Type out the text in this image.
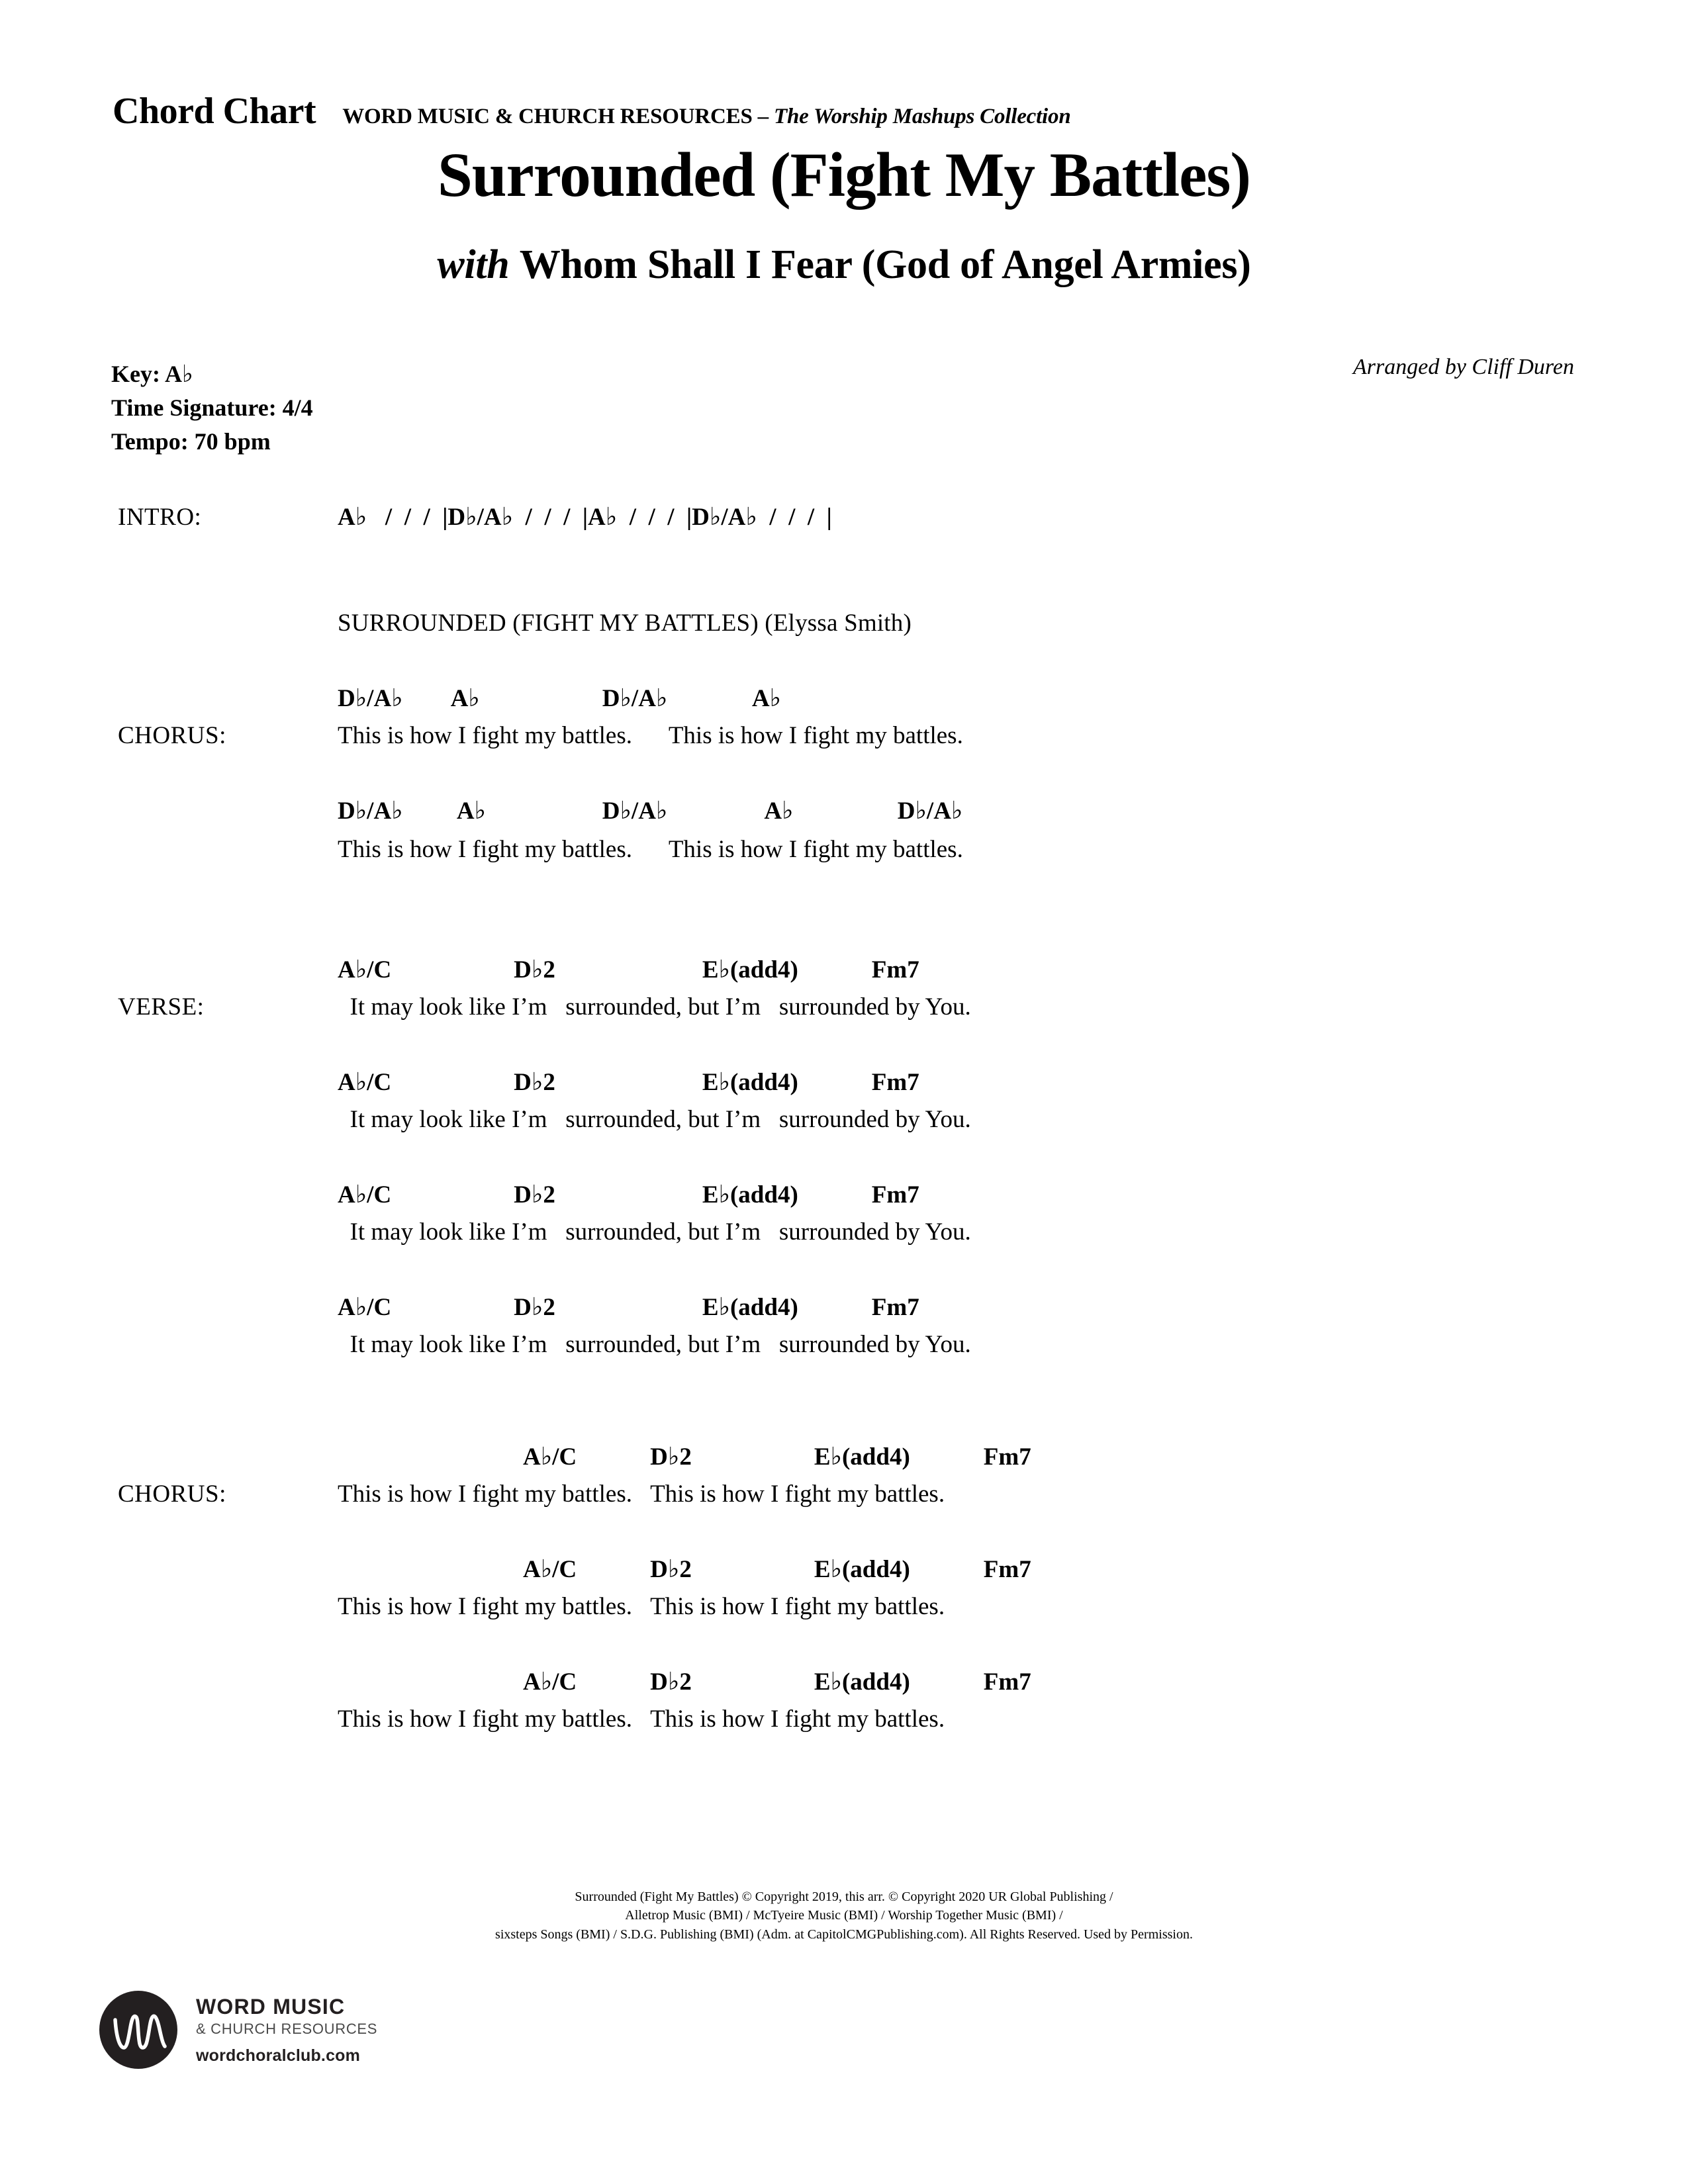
Chord Chart WORD MUSIC & CHURCH RESOURCES – The Worship Mashups Collection
Surrounded (Fight My Battles)
with Whom Shall I Fear (God of Angel Armies)
Key: A♭
Time Signature: 4/4
Tempo: 70 bpm
Arranged by Cliff Duren
INTRO:	A♭   /  /  /  |D♭/A♭  /  /  /  |A♭  /  /  /  |D♭/A♭  /  /  /  |
SURROUNDED (FIGHT MY BATTLES) (Elyssa Smith)
CHORUS:
D♭/A♭        A♭                    D♭/A♭              A♭
This is how I fight my battles.      This is how I fight my battles.
D♭/A♭         A♭                   D♭/A♭                A♭                 D♭/A♭
This is how I fight my battles.      This is how I fight my battles.
VERSE:
A♭/C                    D♭2                        E♭(add4)            Fm7
It may look like I’m   surrounded, but I’m   surrounded by You.
A♭/C                    D♭2                        E♭(add4)            Fm7
It may look like I’m   surrounded, but I’m   surrounded by You.
A♭/C                    D♭2                        E♭(add4)            Fm7
It may look like I’m   surrounded, but I’m   surrounded by You.
A♭/C                    D♭2                        E♭(add4)            Fm7
It may look like I’m   surrounded, but I’m   surrounded by You.
CHORUS:
A♭/C            D♭2                    E♭(add4)            Fm7
This is how I fight my battles.   This is how I fight my battles.
A♭/C            D♭2                    E♭(add4)            Fm7
This is how I fight my battles.   This is how I fight my battles.
A♭/C            D♭2                    E♭(add4)            Fm7
This is how I fight my battles.   This is how I fight my battles.
Surrounded (Fight My Battles) © Copyright 2019, this arr. © Copyright 2020 UR Global Publishing /
Alletrop Music (BMI) / McTyeire Music (BMI) / Worship Together Music (BMI) /
sixsteps Songs (BMI) / S.D.G. Publishing (BMI) (Adm. at CapitolCMGPublishing.com). All Rights Reserved. Used by Permission.
WORD MUSIC
& CHURCH RESOURCES
wordchoralclub.com
